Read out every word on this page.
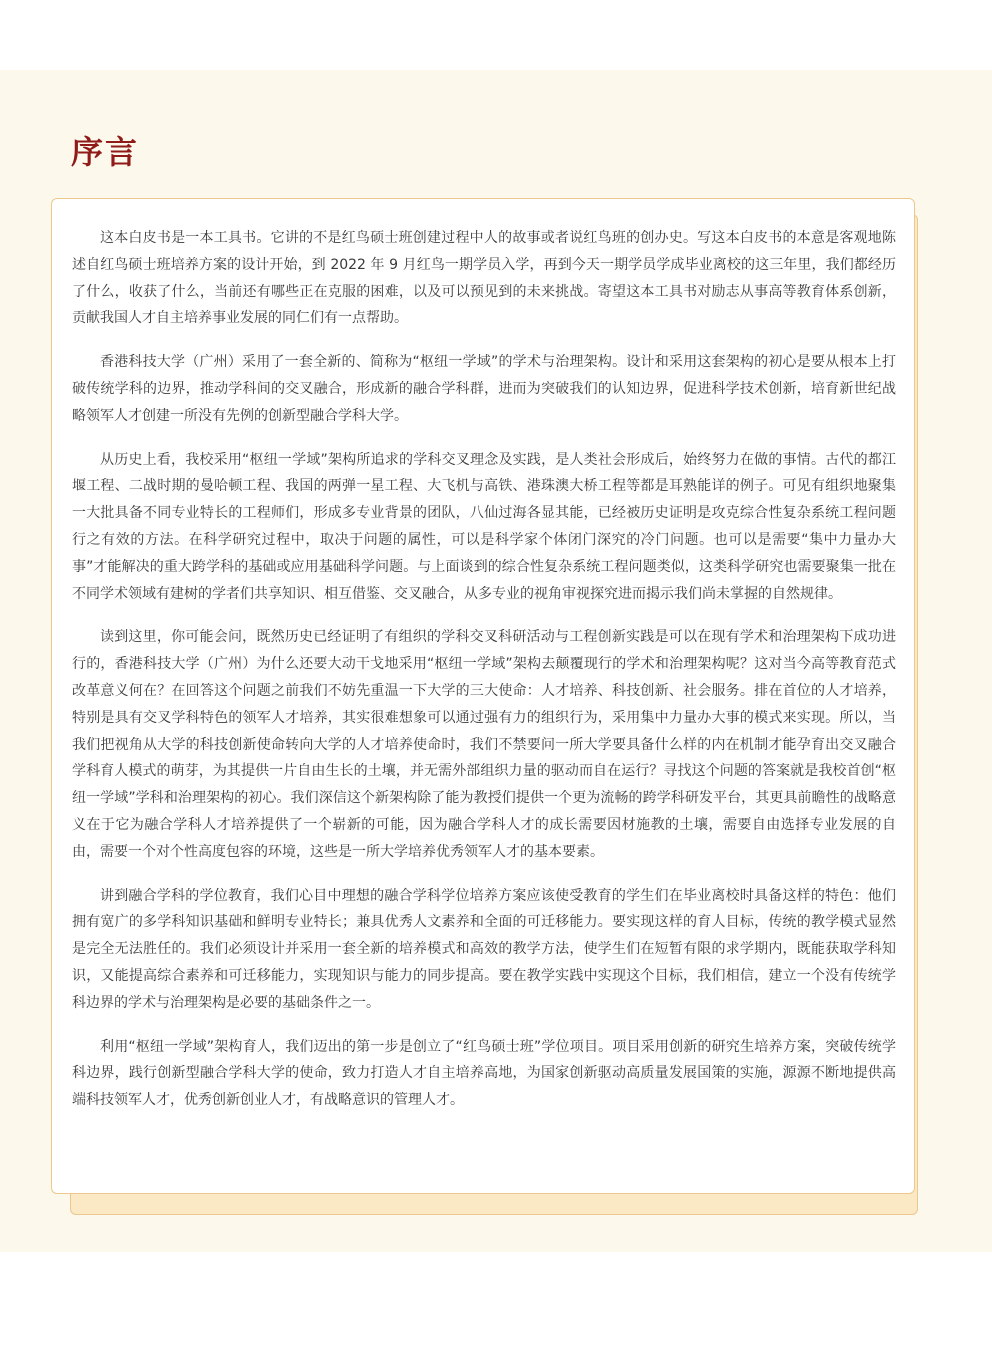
序言

这本白皮书是一本工具书。它讲的不是红鸟硕士班创建过程中人的故事或者说红鸟班的创办史。写这本白皮书的本意是客观地陈述自红鸟硕士班培养方案的设计开始，到 2022 年 9 月红鸟一期学员入学，再到今天一期学员学成毕业离校的这三年里，我们都经历了什么，收获了什么，当前还有哪些正在克服的困难，以及可以预见到的未来挑战。寄望这本工具书对励志从事高等教育体系创新，贡献我国人才自主培养事业发展的同仁们有一点帮助。

香港科技大学（广州）采用了一套全新的、简称为“枢纽一学域”的学术与治理架构。设计和采用这套架构的初心是要从根本上打破传统学科的边界，推动学科间的交叉融合，形成新的融合学科群，进而为突破我们的认知边界，促进科学技术创新，培育新世纪战略领军人才创建一所没有先例的创新型融合学科大学。

从历史上看，我校采用“枢纽一学域”架构所追求的学科交叉理念及实践，是人类社会形成后，始终努力在做的事情。古代的都江堰工程、二战时期的曼哈顿工程、我国的两弹一星工程、大飞机与高铁、港珠澳大桥工程等都是耳熟能详的例子。可见有组织地聚集一大批具备不同专业特长的工程师们，形成多专业背景的团队，八仙过海各显其能，已经被历史证明是攻克综合性复杂系统工程问题行之有效的方法。在科学研究过程中，取决于问题的属性，可以是科学家个体闭门深究的冷门问题。也可以是需要“集中力量办大事”才能解决的重大跨学科的基础或应用基础科学问题。与上面谈到的综合性复杂系统工程问题类似，这类科学研究也需要聚集一批在不同学术领域有建树的学者们共享知识、相互借鉴、交叉融合，从多专业的视角审视探究进而揭示我们尚未掌握的自然规律。

读到这里，你可能会问，既然历史已经证明了有组织的学科交叉科研活动与工程创新实践是可以在现有学术和治理架构下成功进行的，香港科技大学（广州）为什么还要大动干戈地采用“枢纽一学域”架构去颠覆现行的学术和治理架构呢？这对当今高等教育范式改革意义何在？在回答这个问题之前我们不妨先重温一下大学的三大使命：人才培养、科技创新、社会服务。排在首位的人才培养，特别是具有交叉学科特色的领军人才培养，其实很难想象可以通过强有力的组织行为，采用集中力量办大事的模式来实现。所以，当我们把视角从大学的科技创新使命转向大学的人才培养使命时，我们不禁要问一所大学要具备什么样的内在机制才能孕育出交叉融合学科育人模式的萌芽，为其提供一片自由生长的土壤，并无需外部组织力量的驱动而自在运行？寻找这个问题的答案就是我校首创“枢纽一学域”学科和治理架构的初心。我们深信这个新架构除了能为教授们提供一个更为流畅的跨学科研发平台，其更具前瞻性的战略意义在于它为融合学科人才培养提供了一个崭新的可能，因为融合学科人才的成长需要因材施教的土壤，需要自由选择专业发展的自由，需要一个对个性高度包容的环境，这些是一所大学培养优秀领军人才的基本要素。

讲到融合学科的学位教育，我们心目中理想的融合学科学位培养方案应该使受教育的学生们在毕业离校时具备这样的特色：他们拥有宽广的多学科知识基础和鲜明专业特长；兼具优秀人文素养和全面的可迁移能力。要实现这样的育人目标，传统的教学模式显然是完全无法胜任的。我们必须设计并采用一套全新的培养模式和高效的教学方法，使学生们在短暂有限的求学期内，既能获取学科知识，又能提高综合素养和可迁移能力，实现知识与能力的同步提高。要在教学实践中实现这个目标，我们相信，建立一个没有传统学科边界的学术与治理架构是必要的基础条件之一。

利用“枢纽一学域”架构育人，我们迈出的第一步是创立了“红鸟硕士班”学位项目。项目采用创新的研究生培养方案，突破传统学科边界，践行创新型融合学科大学的使命，致力打造人才自主培养高地，为国家创新驱动高质量发展国策的实施，源源不断地提供高端科技领军人才，优秀创新创业人才，有战略意识的管理人才。
